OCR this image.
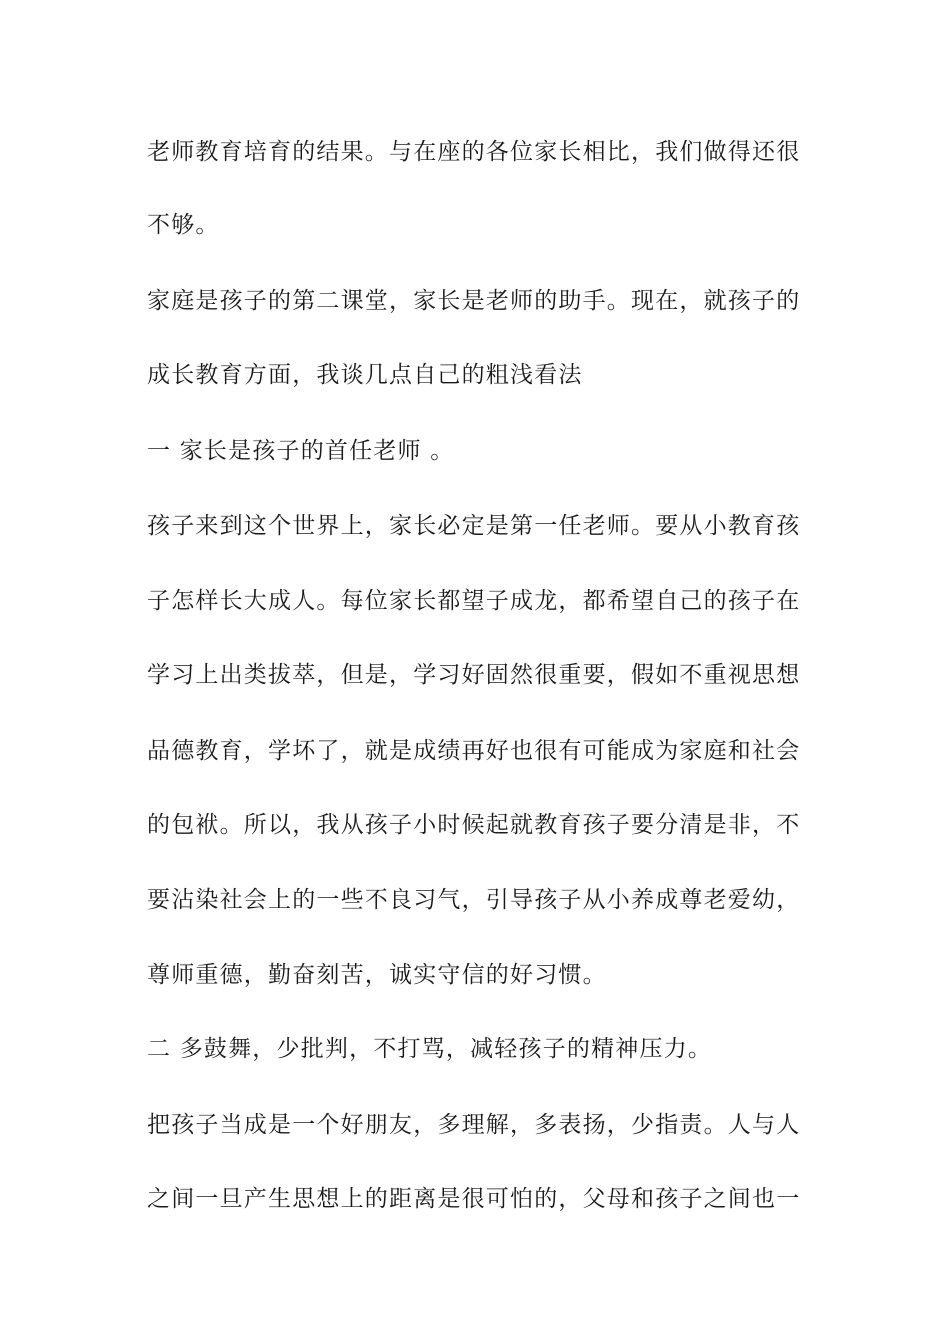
老师教育培育的结果。与在座的各位家长相比，我们做得还很
不够。
家庭是孩子的第二课堂，家长是老师的助手。现在，就孩子的
成长教育方面，我谈几点自己的粗浅看法
一 家长是孩子的首任老师 。
孩子来到这个世界上，家长必定是第一任老师。要从小教育孩
子怎样长大成人。每位家长都望子成龙，都希望自己的孩子在
学习上出类拔萃，但是，学习好固然很重要，假如不重视思想
品德教育，学坏了，就是成绩再好也很有可能成为家庭和社会
的包袱。所以，我从孩子小时候起就教育孩子要分清是非，不
要沾染社会上的一些不良习气，引导孩子从小养成尊老爱幼，
尊师重德，勤奋刻苦，诚实守信的好习惯。
二 多鼓舞，少批判，不打骂，减轻孩子的精神压力。
把孩子当成是一个好朋友，多理解，多表扬，少指责。人与人
之间一旦产生思想上的距离是很可怕的，父母和孩子之间也一
